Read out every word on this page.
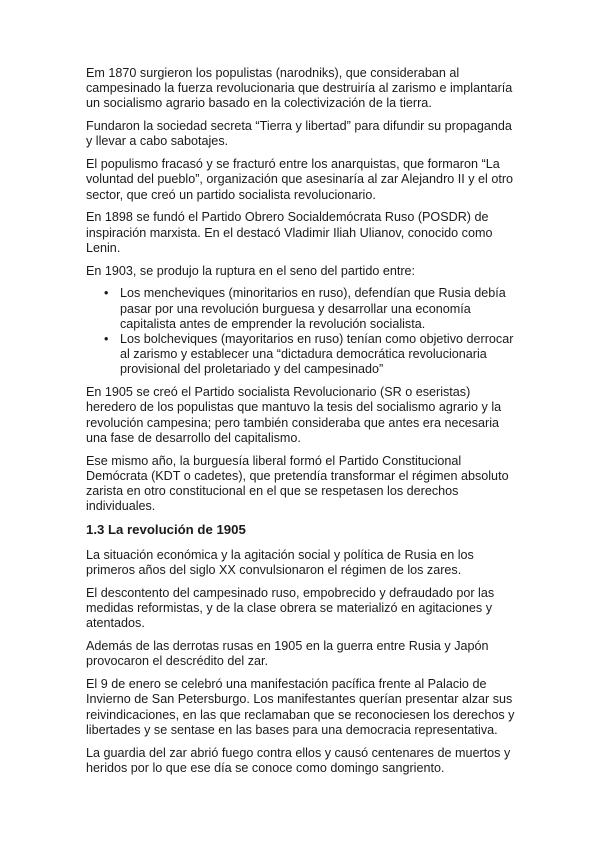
Em 1870 surgieron los populistas (narodniks), que consideraban al campesinado la fuerza revolucionaria que destruiría al zarismo e implantaría un socialismo agrario basado en la colectivización de la tierra.

Fundaron la sociedad secreta “Tierra y libertad” para difundir su propaganda y llevar a cabo sabotajes.

El populismo fracasó y se fracturó entre los anarquistas, que formaron “La voluntad del pueblo”, organización que asesinaría al zar Alejandro II y el otro sector, que creó un partido socialista revolucionario.

En 1898 se fundó el Partido Obrero Socialdemócrata Ruso (POSDR) de inspiración marxista. En el destacó Vladimir Iliah Ulianov, conocido como Lenin.

En 1903, se produjo la ruptura en el seno del partido entre:

• Los mencheviques (minoritarios en ruso), defendían que Rusia debía pasar por una revolución burguesa y desarrollar una economía capitalista antes de emprender la revolución socialista.
• Los bolcheviques (mayoritarios en ruso) tenían como objetivo derrocar al zarismo y establecer una “dictadura democrática revolucionaria provisional del proletariado y del campesinado”

En 1905 se creó el Partido socialista Revolucionario (SR o eseristas) heredero de los populistas que mantuvo la tesis del socialismo agrario y la revolución campesina; pero también consideraba que antes era necesaria una fase de desarrollo del capitalismo.

Ese mismo año, la burguesía liberal formó el Partido Constitucional Demócrata (KDT o cadetes), que pretendía transformar el régimen absoluto zarista en otro constitucional en el que se respetasen los derechos individuales.

1.3 La revolución de 1905

La situación económica y la agitación social y política de Rusia en los primeros años del siglo XX convulsionaron el régimen de los zares.

El descontento del campesinado ruso, empobrecido y defraudado por las medidas reformistas, y de la clase obrera se materializó en agitaciones y atentados.

Además de las derrotas rusas en 1905 en la guerra entre Rusia y Japón provocaron el descrédito del zar.

El 9 de enero se celebró una manifestación pacífica frente al Palacio de Invierno de San Petersburgo. Los manifestantes querían presentar alzar sus reivindicaciones, en las que reclamaban que se reconociesen los derechos y libertades y se sentase en las bases para una democracia representativa.

La guardia del zar abrió fuego contra ellos y causó centenares de muertos y heridos por lo que ese día se conoce como domingo sangriento.
